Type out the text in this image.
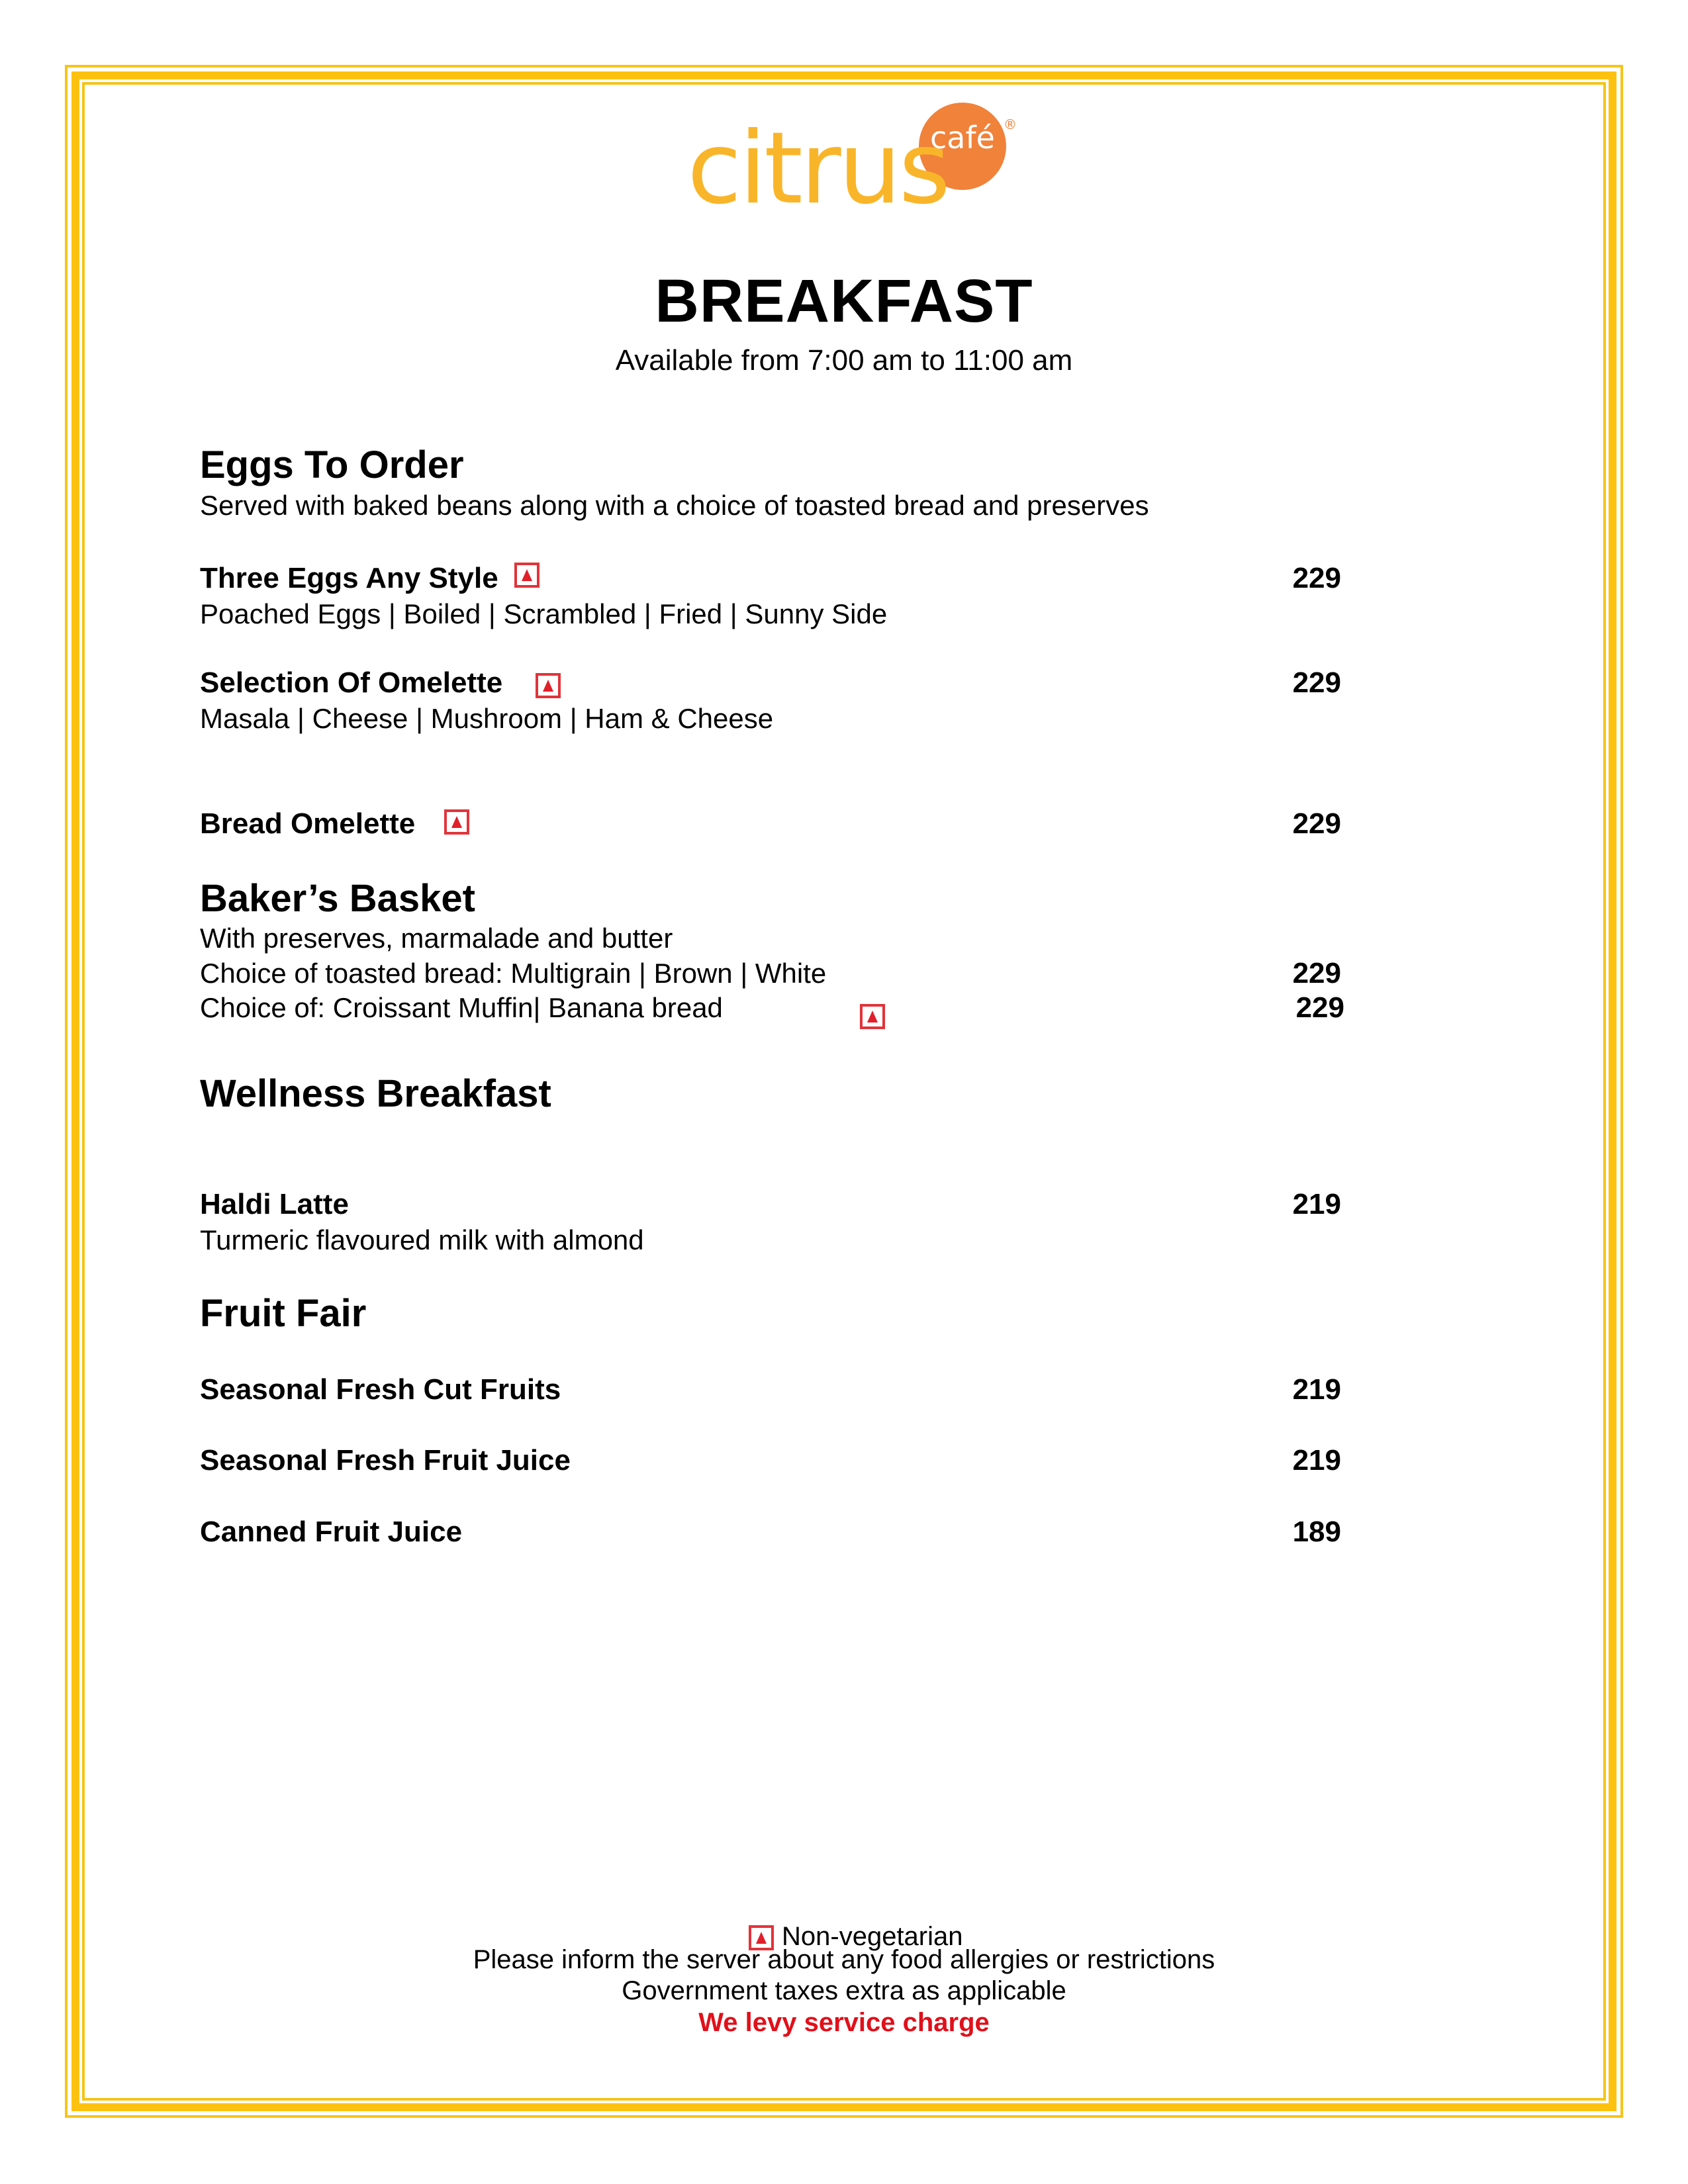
citrus
café ®
BREAKFAST
Available from 7:00 am to 11:00 am
Eggs To Order
Served with baked beans along with a choice of toasted bread and preserves
Three Eggs Any Style	229
Poached Eggs | Boiled | Scrambled | Fried | Sunny Side
Selection Of Omelette	229
Masala | Cheese | Mushroom | Ham & Cheese
Bread Omelette	229
Baker’s Basket
With preserves, marmalade and butter
Choice of toasted bread: Multigrain | Brown | White	229
Choice of: Croissant Muffin| Banana bread	229
Wellness Breakfast
Haldi Latte	219
Turmeric flavoured milk with almond
Fruit Fair
Seasonal Fresh Cut Fruits	219
Seasonal Fresh Fruit Juice	219
Canned Fruit Juice	189
Non-vegetarian
Please inform the server about any food allergies or restrictions
Government taxes extra as applicable
We levy service charge
